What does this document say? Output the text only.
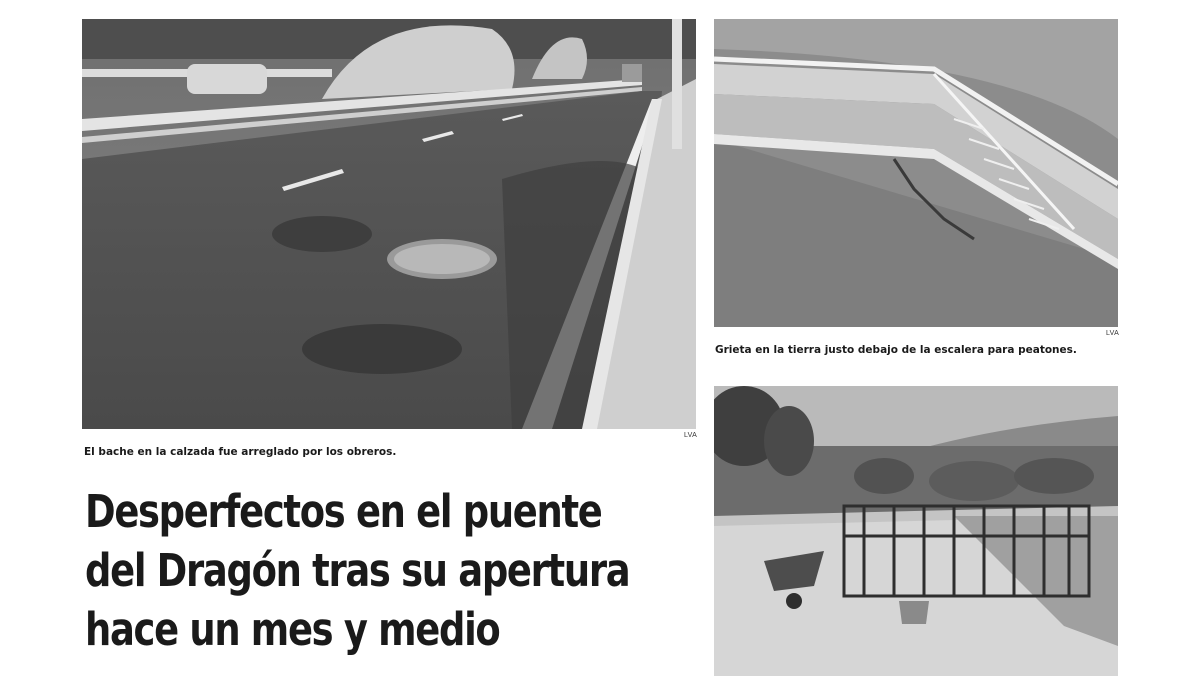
LVA
El bache en la calzada fue arreglado por los obreros.
LVA
Grieta en la tierra justo debajo de la escalera para peatones.
Desperfectos en el puente
del Dragón tras su apertura
hace un mes y medio
